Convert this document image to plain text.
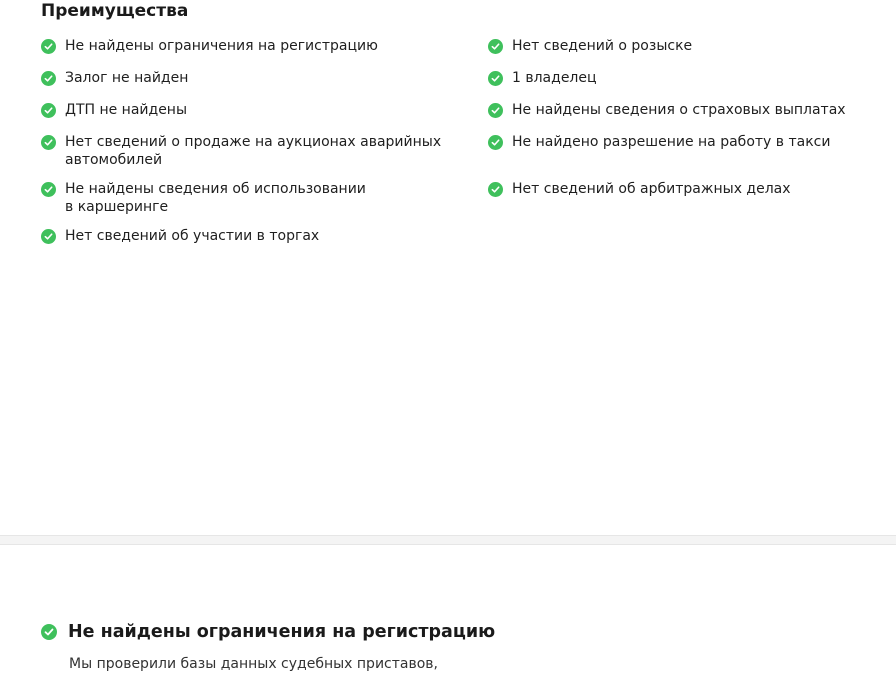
Преимущества
Не найдены ограничения на регистрацию
Залог не найден
ДТП не найдены
Нет сведений о продаже на аукционах аварийных
автомобилей
Не найдены сведения об использовании
в каршеринге
Нет сведений об участии в торгах
Нет сведений о розыске
1 владелец
Не найдены сведения о страховых выплатах
Не найдено разрешение на работу в такси
Нет сведений об арбитражных делах
Не найдены ограничения на регистрацию
Мы проверили базы данных судебных приставов,
